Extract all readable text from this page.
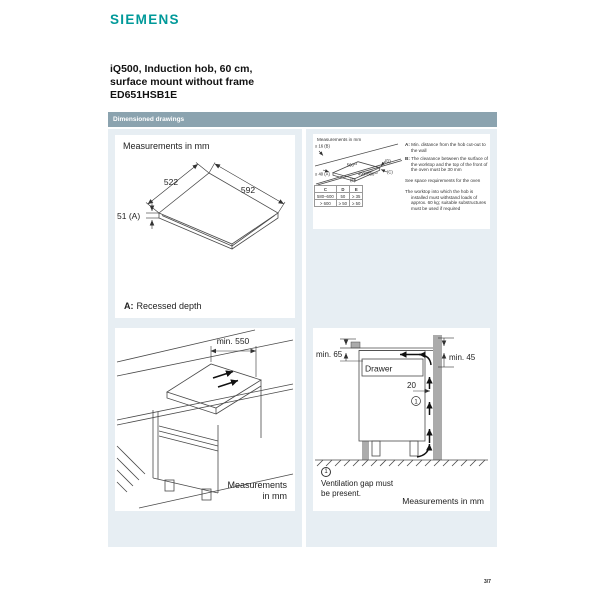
SIEMENS
iQ500, Induction hob, 60 cm,
surface mount without frame
ED651HSB1E
Dimensioned drawings
Measurements in mm
522
592
51 (A)
A: Recessed depth
min. 550
Measurements
in mm
Measurements in mm
≥ 16 (B)
≥ 40 (A)
$560^{+2}$
$490-500^{+2}$
(D)
(C)
(E)
C	D	E
580–600	50	≥ 35
> 600	≥ 50	≥ 50
A: Min. distance from the hob cut-out to the wall
B: The clearance between the surface of the worktop and the top of the front of the oven must be 30 mm
See space requirements for the oven
The worktop into which the hob is installed must withstand loads of approx. 60 kg; suitable substructures must be used if required
1
min. 65	min. 45
Drawer
20
1
Ventilation gap must
be present.
Measurements in mm
3/7
